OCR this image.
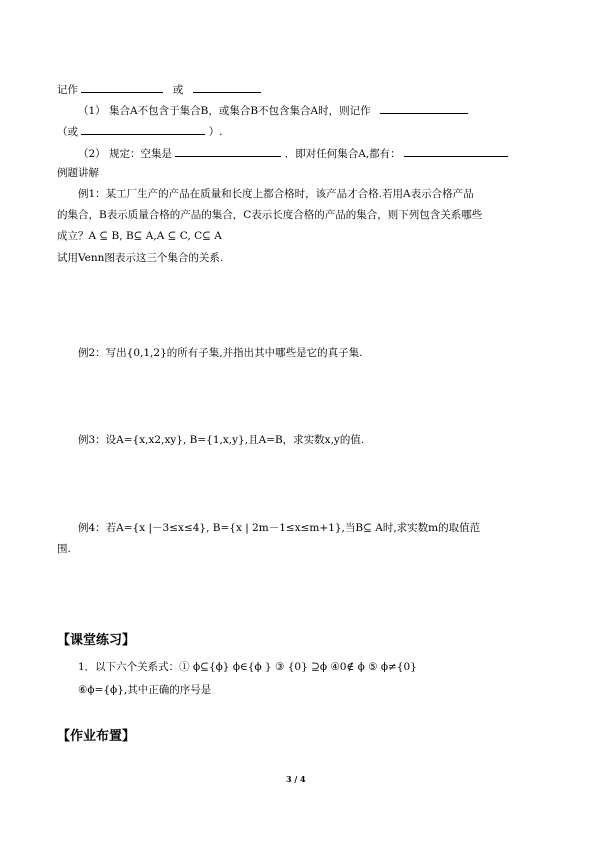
记作	或
（1） 集合A不包含于集合B，或集合B不包含集合A时，则记作
（或	）.
（2） 规定：空集是	．即对任何集合A,都有：
例题讲解
例1：某工厂生产的产品在质量和长度上都合格时，该产品才合格.若用A表示合格产品
的集合，B表示质量合格的产品的集合，C表示长度合格的产品的集合，则下列包含关系哪些
成立？A ⊆ B, B⊆ A,A ⊆ C, C⊆ A
试用Venn图表示这三个集合的关系.
例2：写出{0,1,2}的所有子集,并指出其中哪些是它的真子集.
例3：设A={x,x2,xy}, B={1,x,y},且A=B，求实数x,y的值.
例4：若A={x |－3≤x≤4}, B={x | 2m－1≤x≤m+1},当B⊆ A时,求实数m的取值范
围.
【课堂练习】
1．以下六个关系式：① ϕ⊆{ϕ} ϕ∈{ϕ } ③ {0} ⊇ϕ ④0∉ ϕ ⑤ ϕ≠{0}
⑥ϕ={ϕ},其中正确的序号是
【作业布置】
3 / 4
